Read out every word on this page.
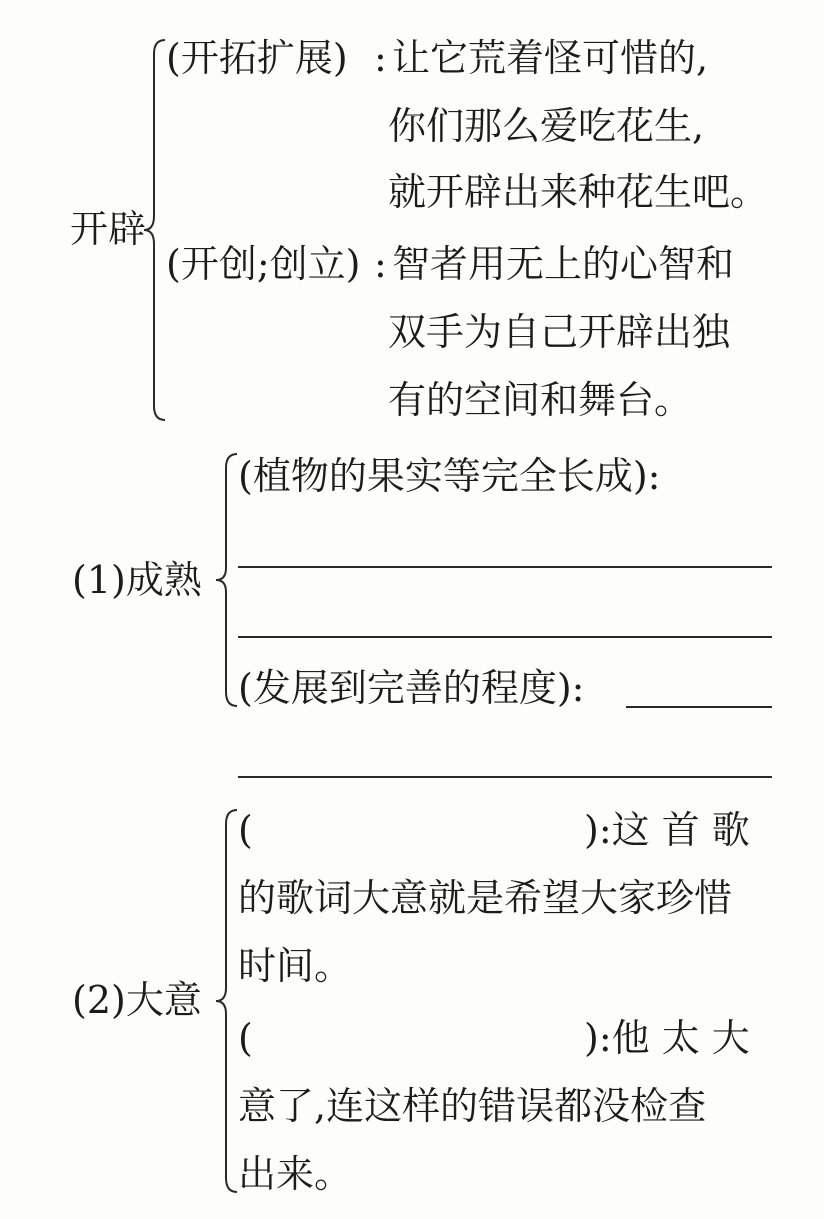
开辟
(开拓扩展) : 让它荒着怪可惜的,
你们那么爱吃花生,
就开辟出来种花生吧。
(开创;创立) : 智者用无上的心智和
双手为自己开辟出独
有的空间和舞台。
(1)成熟
(植物的果实等完全长成):
(发展到完善的程度):
(2)大意
(	):这 首 歌
的歌词大意就是希望大家珍惜
时间。
(	):他 太 大
意了,连这样的错误都没检查
出来。
